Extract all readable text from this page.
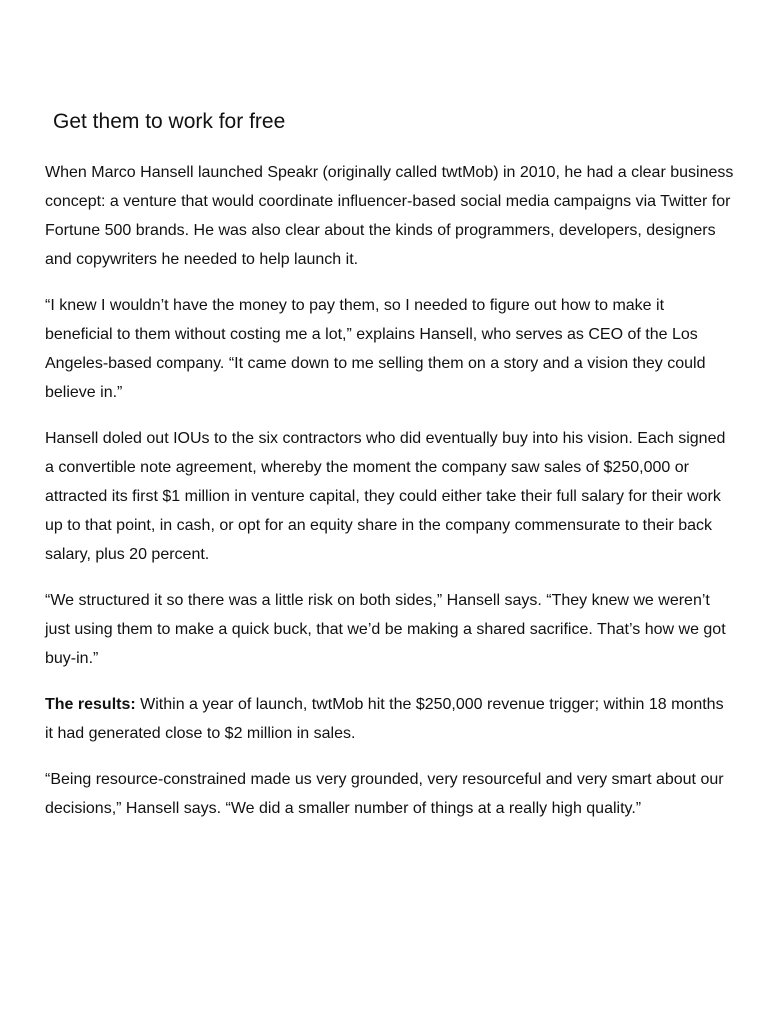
Get them to work for free

When Marco Hansell launched Speakr (originally called twtMob) in 2010, he had a clear business concept: a venture that would coordinate influencer-based social media campaigns via Twitter for Fortune 500 brands. He was also clear about the kinds of programmers, developers, designers and copywriters he needed to help launch it.

“I knew I wouldn’t have the money to pay them, so I needed to figure out how to make it beneficial to them without costing me a lot,” explains Hansell, who serves as CEO of the Los Angeles-based company. “It came down to me selling them on a story and a vision they could believe in.”

Hansell doled out IOUs to the six contractors who did eventually buy into his vision. Each signed a convertible note agreement, whereby the moment the company saw sales of $250,000 or attracted its first $1 million in venture capital, they could either take their full salary for their work up to that point, in cash, or opt for an equity share in the company commensurate to their back salary, plus 20 percent.

“We structured it so there was a little risk on both sides,” Hansell says. “They knew we weren’t just using them to make a quick buck, that we’d be making a shared sacrifice. That’s how we got buy-in.”

The results: Within a year of launch, twtMob hit the $250,000 revenue trigger; within 18 months it had generated close to $2 million in sales.

“Being resource-constrained made us very grounded, very resourceful and very smart about our decisions,” Hansell says. “We did a smaller number of things at a really high quality.”
